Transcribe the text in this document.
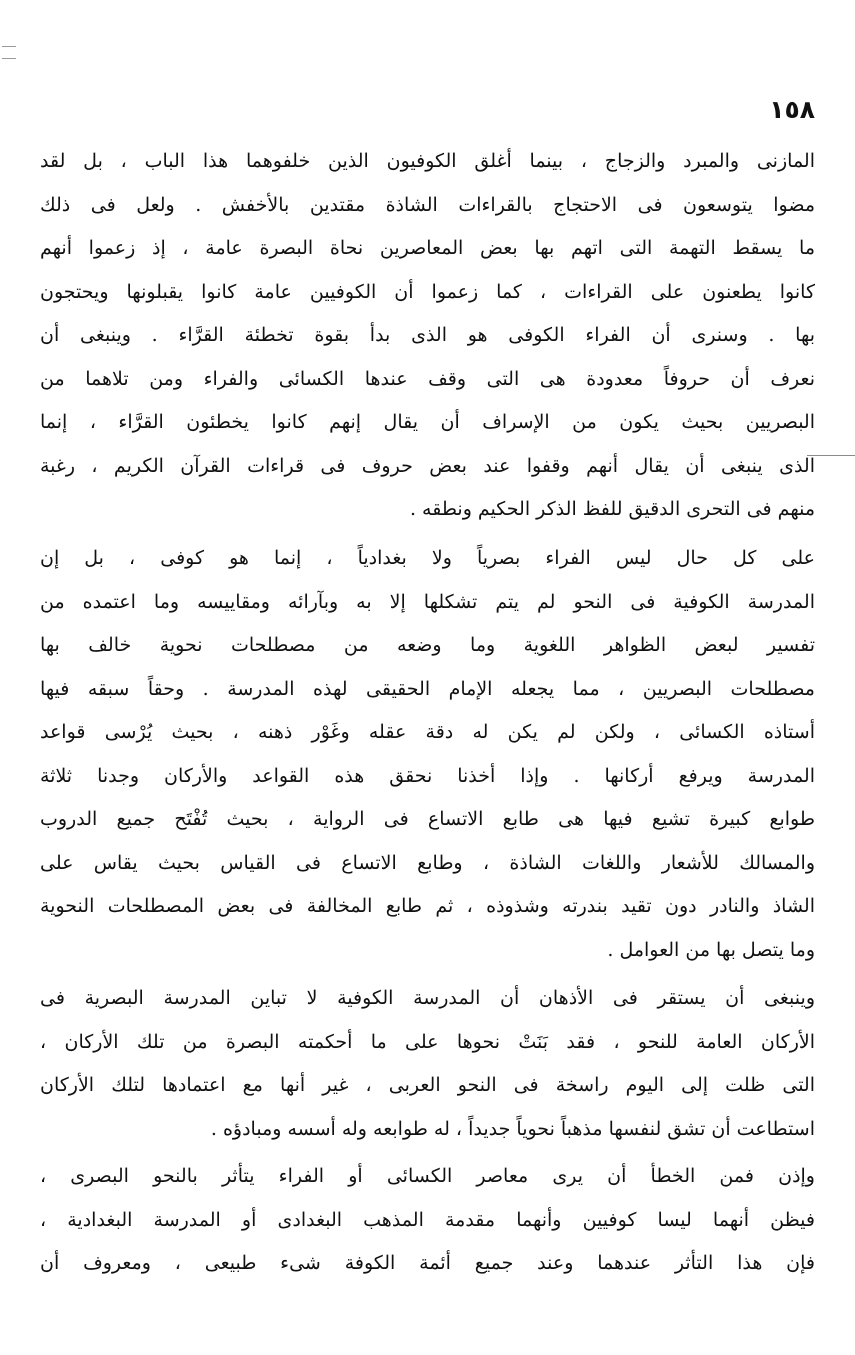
١٥٨
المازنى والمبرد والزجاج ، بينما أغلق الكوفيون الذين خلفوهما هذا الباب ، بل لقد
مضوا يتوسعون فى الاحتجاج بالقراءات الشاذة مقتدين بالأخفش . ولعل فى ذلك
ما يسقط التهمة التى اتهم بها بعض المعاصرين نحاة البصرة عامة ، إذ زعموا أنهم
كانوا يطعنون على القراءات ، كما زعموا أن الكوفيين عامة كانوا يقبلونها ويحتجون
بها . وسنرى أن الفراء الكوفى هو الذى بدأ بقوة تخطئة القرَّاء . وينبغى أن
نعرف أن حروفاً معدودة هى التى وقف عندها الكسائى والفراء ومن تلاهما من
البصريين بحيث يكون من الإسراف أن يقال إنهم كانوا يخطئون القرَّاء ، إنما
الذى ينبغى أن يقال أنهم وقفوا عند بعض حروف فى قراءات القرآن الكريم ، رغبة
منهم فى التحرى الدقيق للفظ الذكر الحكيم ونطقه .
على كل حال ليس الفراء بصرياً ولا بغدادياً ، إنما هو كوفى ، بل إن
المدرسة الكوفية فى النحو لم يتم تشكلها إلا به وبآرائه ومقاييسه وما اعتمده من
تفسير لبعض الظواهر اللغوية وما وضعه من مصطلحات نحوية خالف بها
مصطلحات البصريين ، مما يجعله الإمام الحقيقى لهذه المدرسة . وحقاً سبقه فيها
أستاذه الكسائى ، ولكن لم يكن له دقة عقله وغَوْر ذهنه ، بحيث يُرْسى قواعد
المدرسة ويرفع أركانها . وإذا أخذنا نحقق هذه القواعد والأركان وجدنا ثلاثة
طوابع كبيرة تشيع فيها هى طابع الاتساع فى الرواية ، بحيث تُفْتَح جميع الدروب
والمسالك للأشعار واللغات الشاذة ، وطابع الاتساع فى القياس بحيث يقاس على
الشاذ والنادر دون تقيد بندرته وشذوذه ، ثم طابع المخالفة فى بعض المصطلحات النحوية
وما يتصل بها من العوامل .
وينبغى أن يستقر فى الأذهان أن المدرسة الكوفية لا تباين المدرسة البصرية فى
الأركان العامة للنحو ، فقد بَنَتْ نحوها على ما أحكمته البصرة من تلك الأركان ،
التى ظلت إلى اليوم راسخة فى النحو العربى ، غير أنها مع اعتمادها لتلك الأركان
استطاعت أن تشق لنفسها مذهباً نحوياً جديداً ، له طوابعه وله أسسه ومبادؤه .
وإذن فمن الخطأ أن يرى معاصر الكسائى أو الفراء يتأثر بالنحو البصرى ،
فيظن أنهما ليسا كوفيين وأنهما مقدمة المذهب البغدادى أو المدرسة البغدادية ،
فإن هذا التأثر عندهما وعند جميع أئمة الكوفة شىء طبيعى ، ومعروف أن
